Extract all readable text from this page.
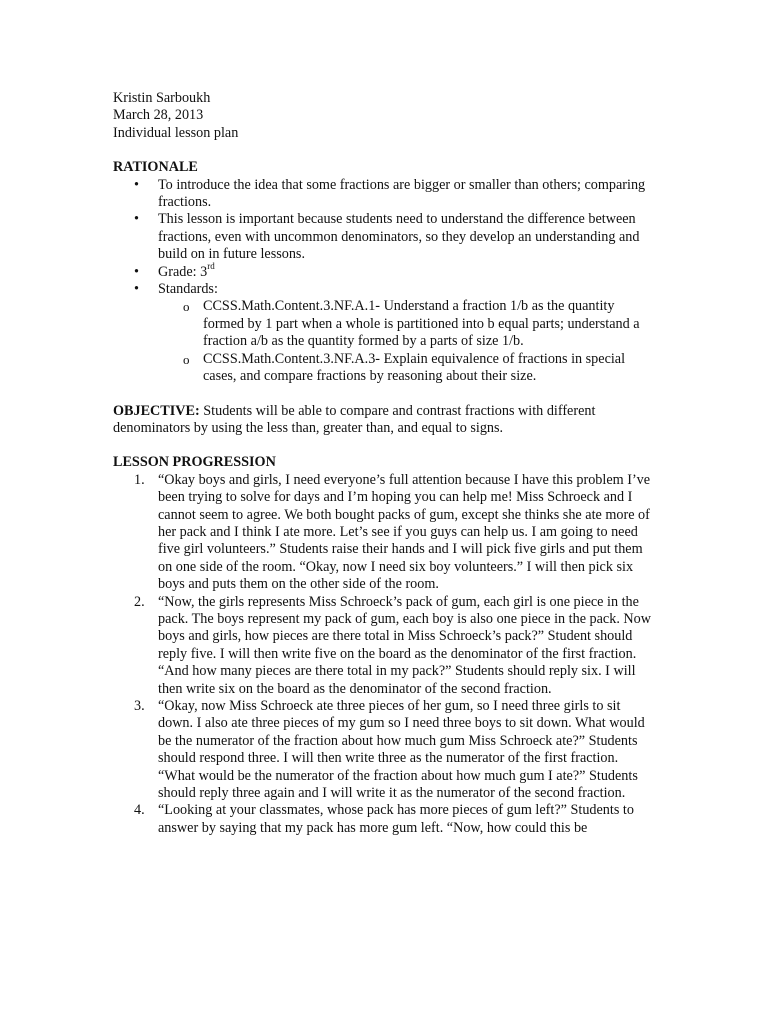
Kristin Sarboukh
March 28, 2013
Individual lesson plan
RATIONALE
• To introduce the idea that some fractions are bigger or smaller than others; comparing fractions.
• This lesson is important because students need to understand the difference between fractions, even with uncommon denominators, so they develop an understanding and build on in future lessons.
• Grade: 3rd
• Standards:
o CCSS.Math.Content.3.NF.A.1- Understand a fraction 1/b as the quantity formed by 1 part when a whole is partitioned into b equal parts; understand a fraction a/b as the quantity formed by a parts of size 1/b.
o CCSS.Math.Content.3.NF.A.3- Explain equivalence of fractions in special cases, and compare fractions by reasoning about their size.
OBJECTIVE: Students will be able to compare and contrast fractions with different denominators by using the less than, greater than, and equal to signs.
LESSON PROGRESSION
1. “Okay boys and girls, I need everyone’s full attention because I have this problem I’ve been trying to solve for days and I’m hoping you can help me! Miss Schroeck and I cannot seem to agree. We both bought packs of gum, except she thinks she ate more of her pack and I think I ate more. Let’s see if you guys can help us. I am going to need five girl volunteers.” Students raise their hands and I will pick five girls and put them on one side of the room. “Okay, now I need six boy volunteers.” I will then pick six boys and puts them on the other side of the room.
2. “Now, the girls represents Miss Schroeck’s pack of gum, each girl is one piece in the pack. The boys represent my pack of gum, each boy is also one piece in the pack. Now boys and girls, how pieces are there total in Miss Schroeck’s pack?” Student should reply five. I will then write five on the board as the denominator of the first fraction. “And how many pieces are there total in my pack?” Students should reply six. I will then write six on the board as the denominator of the second fraction.
3. “Okay, now Miss Schroeck ate three pieces of her gum, so I need three girls to sit down. I also ate three pieces of my gum so I need three boys to sit down. What would be the numerator of the fraction about how much gum Miss Schroeck ate?” Students should respond three. I will then write three as the numerator of the first fraction. “What would be the numerator of the fraction about how much gum I ate?” Students should reply three again and I will write it as the numerator of the second fraction.
4. “Looking at your classmates, whose pack has more pieces of gum left?” Students to answer by saying that my pack has more gum left. “Now, how could this be
